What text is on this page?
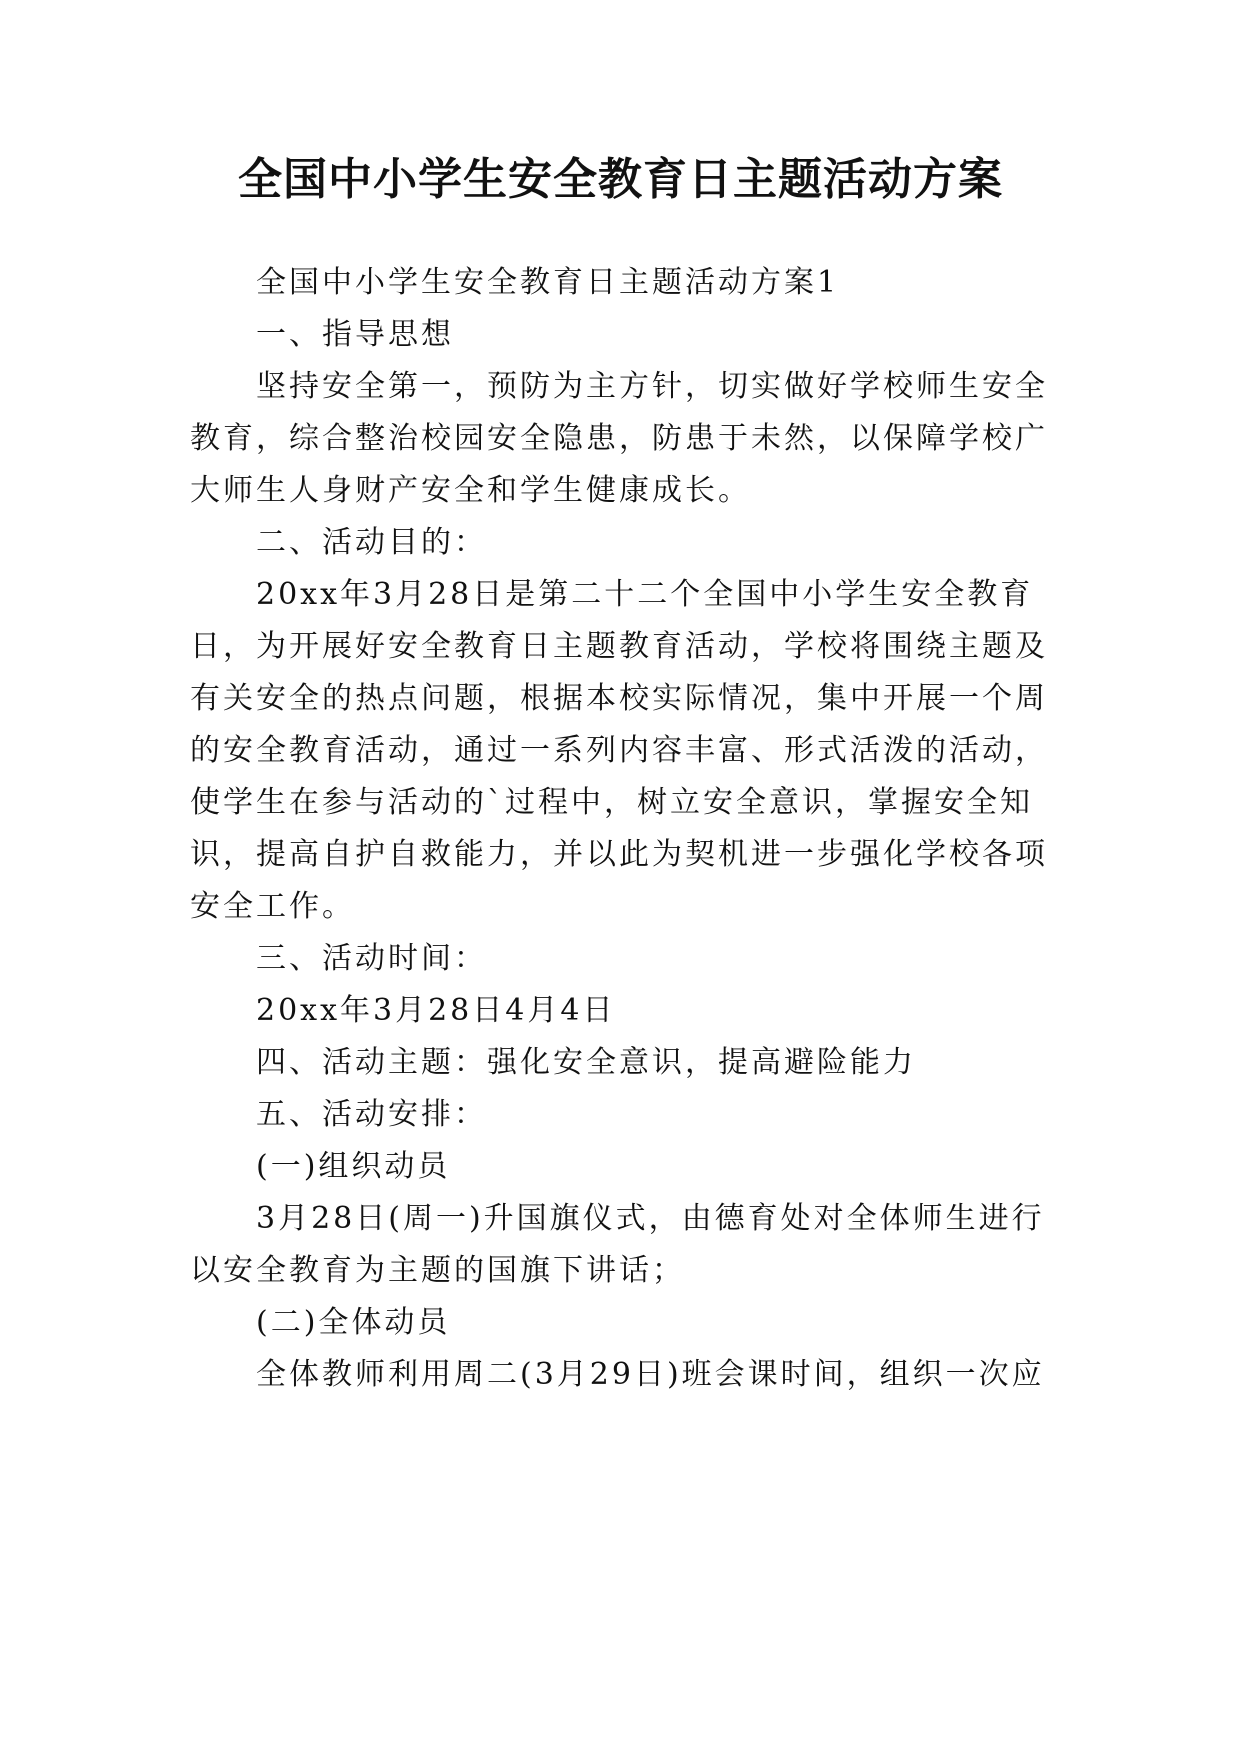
全国中小学生安全教育日主题活动方案

全国中小学生安全教育日主题活动方案1

一、指导思想

坚持安全第一，预防为主方针，切实做好学校师生安全

教育，综合整治校园安全隐患，防患于未然，以保障学校广

大师生人身财产安全和学生健康成长。

二、活动目的：

20xx年3月28日是第二十二个全国中小学生安全教育

日，为开展好安全教育日主题教育活动，学校将围绕主题及

有关安全的热点问题，根据本校实际情况，集中开展一个周

的安全教育活动，通过一系列内容丰富、形式活泼的活动，

使学生在参与活动的`过程中，树立安全意识，掌握安全知

识，提高自护自救能力，并以此为契机进一步强化学校各项

安全工作。

三、活动时间：

20xx年3月28日4月4日

四、活动主题：强化安全意识，提高避险能力

五、活动安排：

(一)组织动员

3月28日(周一)升国旗仪式，由德育处对全体师生进行

以安全教育为主题的国旗下讲话；

(二)全体动员

全体教师利用周二(3月29日)班会课时间，组织一次应
